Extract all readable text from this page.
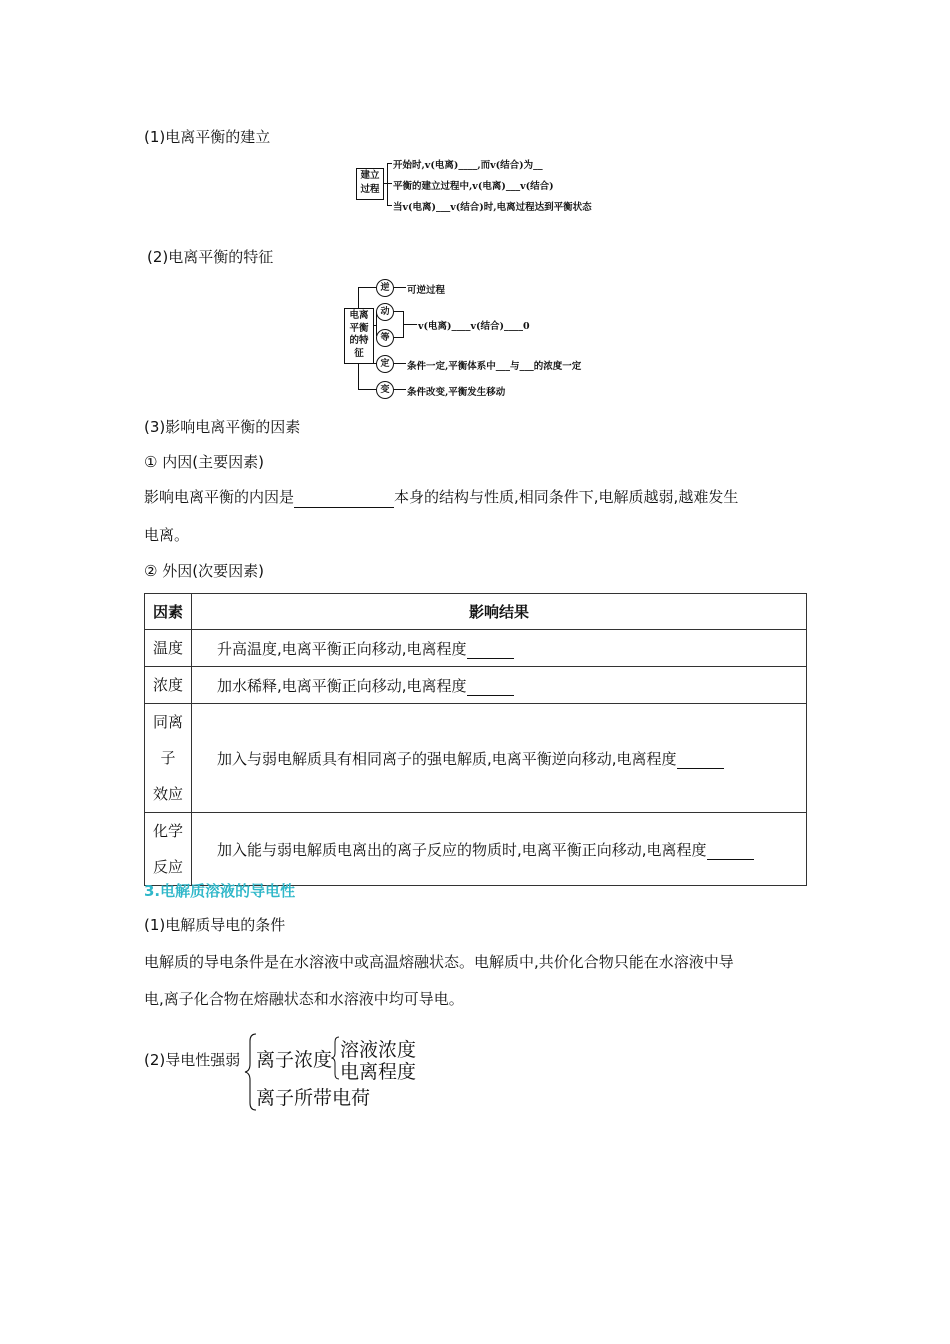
(1)电离平衡的建立
建立
过程
开始时,v(电离)____,而v(结合)为__
平衡的建立过程中,v(电离)___v(结合)
当v(电离)___v(结合)时,电离过程达到平衡状态
(2)电离平衡的特征
电离
平衡
的特
征
逆
动
等
定
变
可逆过程
v(电离)____v(结合)____0
条件一定,平衡体系中___与___的浓度一定
条件改变,平衡发生移动
(3)影响电离平衡的因素
① 内因(主要因素)
影响电离平衡的内因是	本身的结构与性质,相同条件下,电解质越弱,越难发生
电离。
② 外因(次要因素)
因素	影响结果
温度	升高温度,电离平衡正向移动,电离程度
浓度	加水稀释,电离平衡正向移动,电离程度

同离
子
效应	加入与弱电解质具有相同离子的强电解质,电离平衡逆向移动,电离程度

化学
反应	加入能与弱电解质电离出的离子反应的物质时,电离平衡正向移动,电离程度
3.电解质溶液的导电性
(1)电解质导电的条件
电解质的导电条件是在水溶液中或高温熔融状态。电解质中,共价化合物只能在水溶液中导
电,离子化合物在熔融状态和水溶液中均可导电。
(2)导电性强弱 离子浓度 溶液浓度
电离程度
离子所带电荷
